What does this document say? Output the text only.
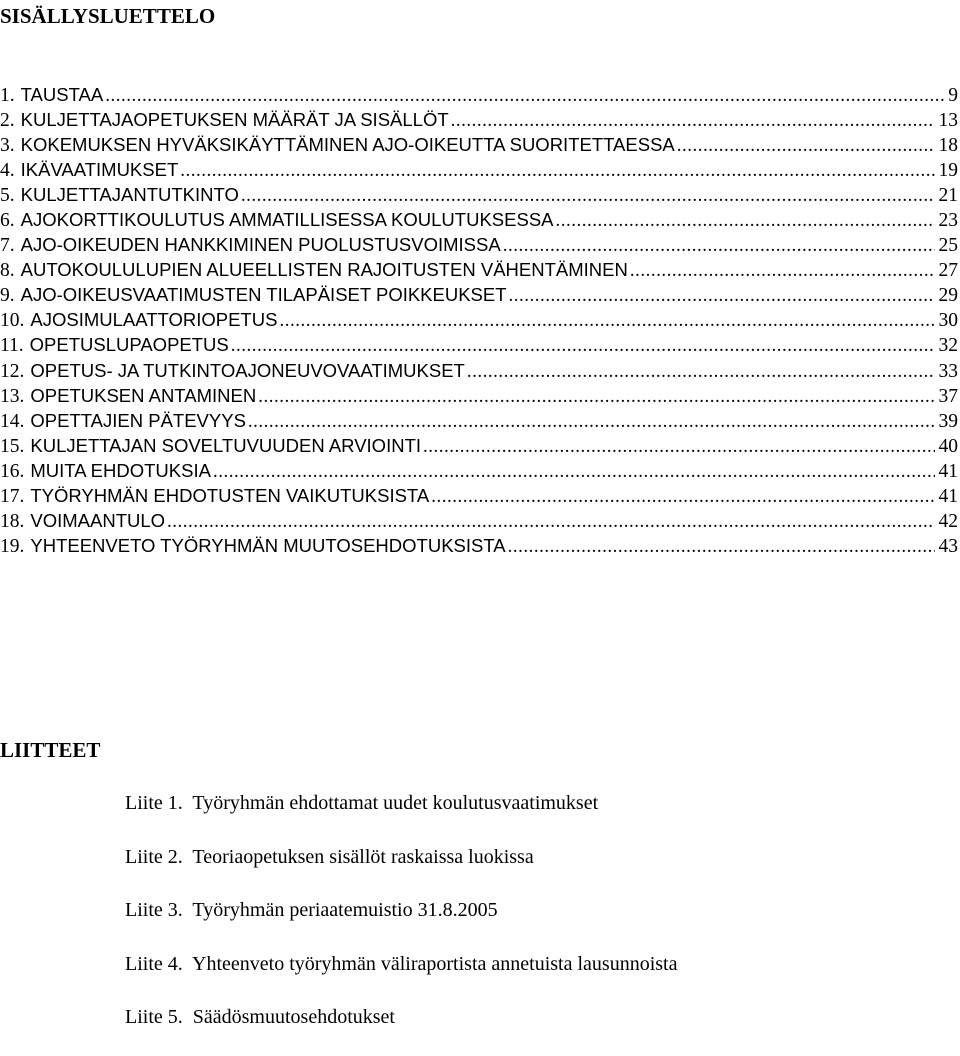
SISÄLLYSLUETTELO
1. TAUSTAA .....	9
2. KULJETTAJAOPETUKSEN MÄÄRÄT JA SISÄLLÖT .....	13
3. KOKEMUKSEN HYVÄKSIKÄYTTÄMINEN AJO-OIKEUTTA SUORITETTAESSA .....	18
4. IKÄVAATIMUKSET .....	19
5. KULJETTAJANTUTKINTO .....	21
6. AJOKORTTIKOULUTUS AMMATILLISESSA KOULUTUKSESSA .....	23
7. AJO-OIKEUDEN HANKKIMINEN PUOLUSTUSVOIMISSA .....	25
8. AUTOKOULULUPIEN ALUEELLISTEN RAJOITUSTEN VÄHENTÄMINEN .....	27
9. AJO-OIKEUSVAATIMUSTEN TILAPÄISET POIKKEUKSET .....	29
10. AJOSIMULAATTORIOPETUS .....	30
11. OPETUSLUPAOPETUS .....	32
12. OPETUS- JA TUTKINTOAJONEUVOVAATIMUKSET .....	33
13. OPETUKSEN ANTAMINEN .....	37
14. OPETTAJIEN PÄTEVYYS .....	39
15. KULJETTAJAN SOVELTUVUUDEN ARVIOINTI .....	40
16. MUITA EHDOTUKSIA .....	41
17. TYÖRYHMÄN EHDOTUSTEN VAIKUTUKSISTA .....	41
18. VOIMAANTULO .....	42
19. YHTEENVETO TYÖRYHMÄN MUUTOSEHDOTUKSISTA .....	43
LIITTEET
Liite 1. Työryhmän ehdottamat uudet koulutusvaatimukset
Liite 2. Teoriaopetuksen sisällöt raskaissa luokissa
Liite 3. Työryhmän periaatemuistio 31.8.2005
Liite 4. Yhteenveto työryhmän väliraportista annetuista lausunnoista
Liite 5. Säädösmuutosehdotukset
